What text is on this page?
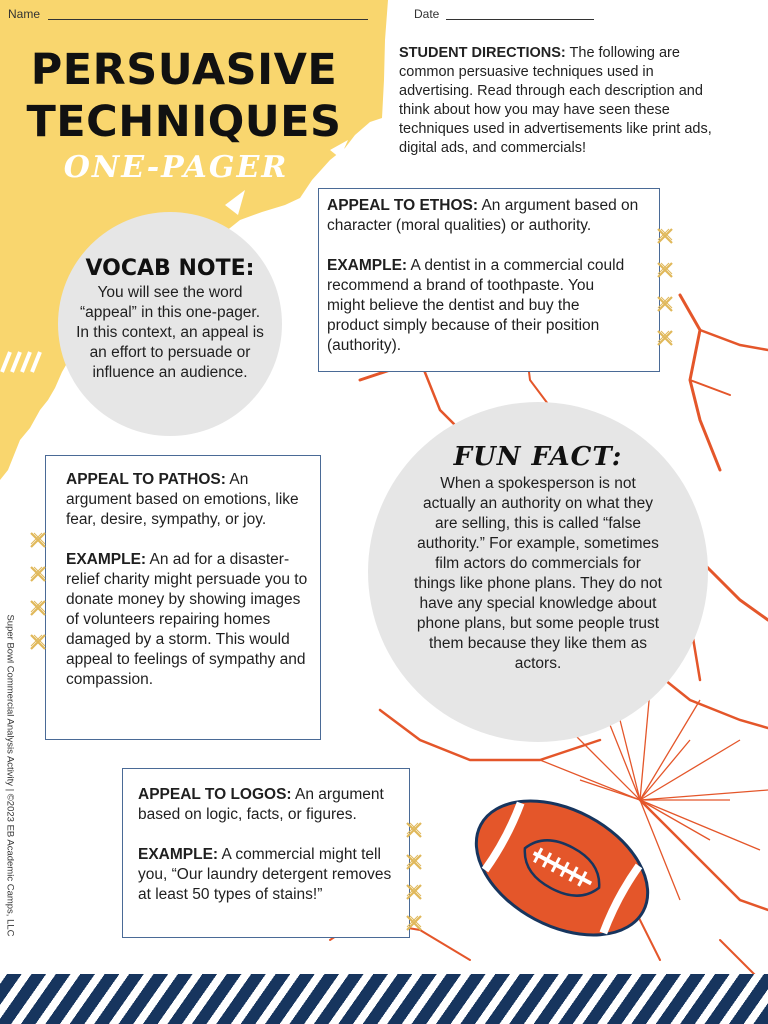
Name	Date
PERSUASIVE
TECHNIQUES
ONE-PAGER
STUDENT DIRECTIONS: The following are common persuasive techniques used in advertising. Read through each description and think about how you may have seen these techniques used in advertisements like print ads, digital ads, and commercials!
VOCAB NOTE:
You will see the word “appeal” in this one-pager. In this context, an appeal is an effort to persuade or influence an audience.
APPEAL TO ETHOS: An argument based on character (moral qualities) or authority.
EXAMPLE: A dentist in a commercial could recommend a brand of toothpaste. You might believe the dentist and buy the product simply because of their position (authority).
APPEAL TO PATHOS: An argument based on emotions, like fear, desire, sympathy, or joy.
EXAMPLE: An ad for a disaster-relief charity might persuade you to donate money by showing images of volunteers repairing homes damaged by a storm. This would appeal to feelings of sympathy and compassion.
FUN FACT:
When a spokesperson is not actually an authority on what they are selling, this is called “false authority.” For example, sometimes film actors do commercials for things like phone plans. They do not have any special knowledge about phone plans, but some people trust them because they like them as actors.
APPEAL TO LOGOS: An argument based on logic, facts, or figures.
EXAMPLE: A commercial might tell you, “Our laundry detergent removes at least 50 types of stains!”
Super Bowl Commercial Analysis Activity | ©2023 EB Academic Camps, LLC
